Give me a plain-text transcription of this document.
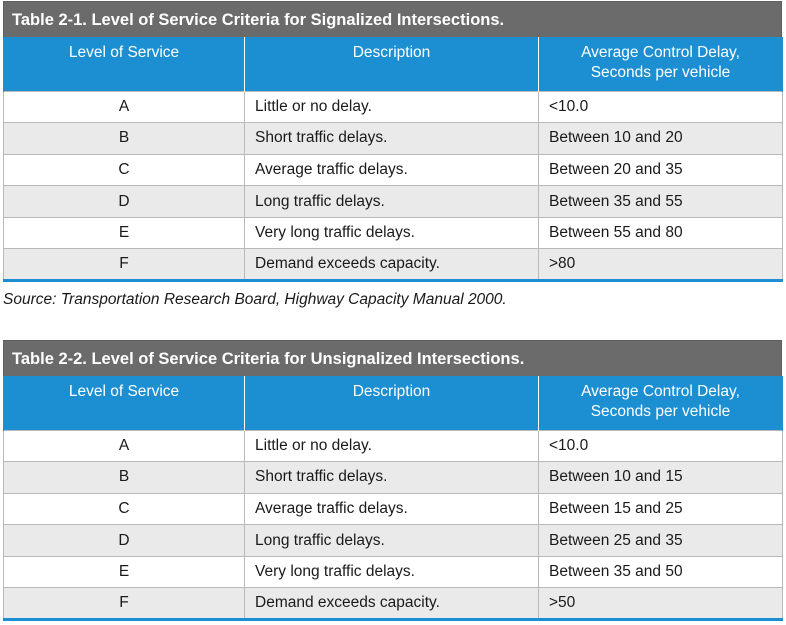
Table 2-1. Level of Service Criteria for Signalized Intersections.
Level of Service	Description	Average Control Delay,
Seconds per vehicle

A	Little or no delay.	<10.0
B	Short traffic delays.	Between 10 and 20
C	Average traffic delays.	Between 20 and 35
D	Long traffic delays.	Between 35 and 55
E	Very long traffic delays.	Between 55 and 80
F	Demand exceeds capacity.	>80
Source: Transportation Research Board, Highway Capacity Manual 2000.
Table 2-2. Level of Service Criteria for Unsignalized Intersections.
Level of Service	Description	Average Control Delay,
Seconds per vehicle

A	Little or no delay.	<10.0
B	Short traffic delays.	Between 10 and 15
C	Average traffic delays.	Between 15 and 25
D	Long traffic delays.	Between 25 and 35
E	Very long traffic delays.	Between 35 and 50
F	Demand exceeds capacity.	>50
